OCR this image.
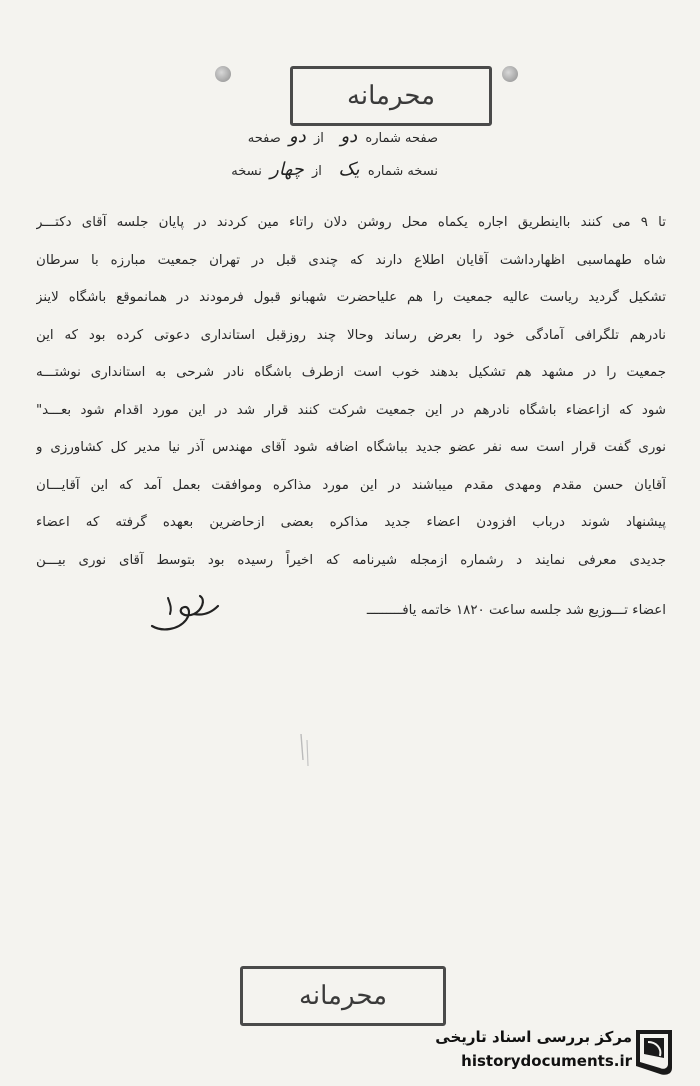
محرمانه
صفحه شماره  دو    از  دو  صفحه
نسخه شماره  یک    از  چهار  نسخه
تا ۹ می کنند بااینطریق اجاره یکماه محل روشن دلان راتاء مین کردند در پایان جلسه آقای دکتـــر
شاه طهماسبی اظهارداشت آقایان اطلاع دارند که چندی قبل در تهران جمعیت مبارزه با سرطان
تشکیل گردید ریاست عالیه جمعیت را هم علیاحضرت شهبانو قبول فرمودند در همانموقع باشگاه لاینز
نادرهم تلگرافی آمادگی خود را بعرض رساند وحالا چند روزقبل استانداری دعوتی کرده بود که این
جمعیت را در مشهد هم تشکیل بدهند خوب است ازطرف باشگاه نادر شرحی به استانداری نوشتـــه
شود که ازاعضاء باشگاه نادرهم در این جمعیت شرکت کنند قرار شد در این مورد اقدام شود بعـــد"
نوری گفت قرار است سه نفر عضو جدید بباشگاه اضافه شود آقای مهندس آذر نیا مدیر کل کشاورزی و
آقایان حسن مقدم ومهدی مقدم میباشند در این مورد مذاکره وموافقت بعمل آمد که این آقایـــان
پیشنهاد شوند درباب افزودن اعضاء جدید مذاکره بعضی ازحاضرین بعهده گرفته که اعضاء
جدیدی معرفی نمایند د رشماره ازمجله شیرنامه که اخیراً رسیده بود بتوسط آقای نوری بیـــن
اعضاء تـــوزیع شد جلسه ساعت ۱۸۲۰ خاتمه یافـــــــــ
محرمانه
مرکز بررسی اسناد تاریخی
historydocuments.ir
